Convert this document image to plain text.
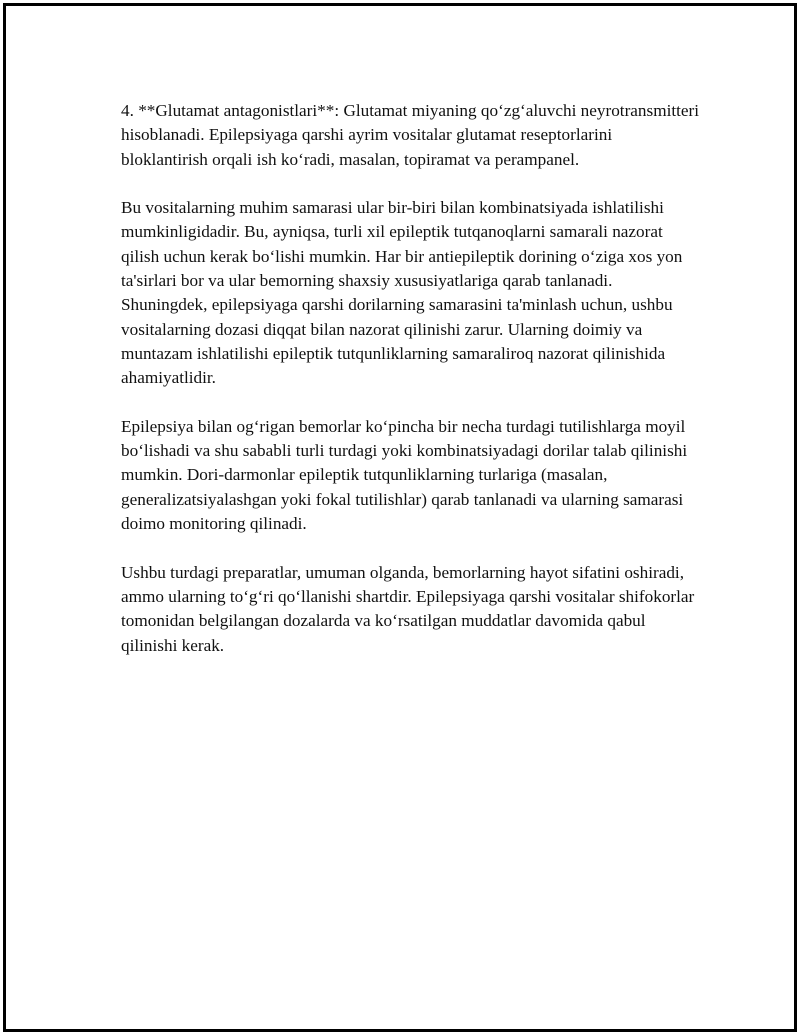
4. **Glutamat antagonistlari**: Glutamat miyaning qo‘zg‘aluvchi neyrotransmitteri hisoblanadi. Epilepsiyaga qarshi ayrim vositalar glutamat reseptorlarini bloklantirish orqali ish ko‘radi, masalan, topiramat va perampanel.

Bu vositalarning muhim samarasi ular bir-biri bilan kombinatsiyada ishlatilishi mumkinligidadir. Bu, ayniqsa, turli xil epileptik tutqanoqlarni samarali nazorat qilish uchun kerak bo‘lishi mumkin. Har bir antiepileptik dorining o‘ziga xos yon ta'sirlari bor va ular bemorning shaxsiy xususiyatlariga qarab tanlanadi. Shuningdek, epilepsiyaga qarshi dorilarning samarasini ta'minlash uchun, ushbu vositalarning dozasi diqqat bilan nazorat qilinishi zarur. Ularning doimiy va muntazam ishlatilishi epileptik tutqunliklarning samaraliroq nazorat qilinishida ahamiyatlidir.

Epilepsiya bilan og‘rigan bemorlar ko‘pincha bir necha turdagi tutilishlarga moyil bo‘lishadi va shu sababli turli turdagi yoki kombinatsiyadagi dorilar talab qilinishi mumkin. Dori-darmonlar epileptik tutqunliklarning turlariga (masalan, generalizatsiyalashgan yoki fokal tutilishlar) qarab tanlanadi va ularning samarasi doimo monitoring qilinadi.

Ushbu turdagi preparatlar, umuman olganda, bemorlarning hayot sifatini oshiradi, ammo ularning to‘g‘ri qo‘llanishi shartdir. Epilepsiyaga qarshi vositalar shifokorlar tomonidan belgilangan dozalarda va ko‘rsatilgan muddatlar davomida qabul qilinishi kerak.
